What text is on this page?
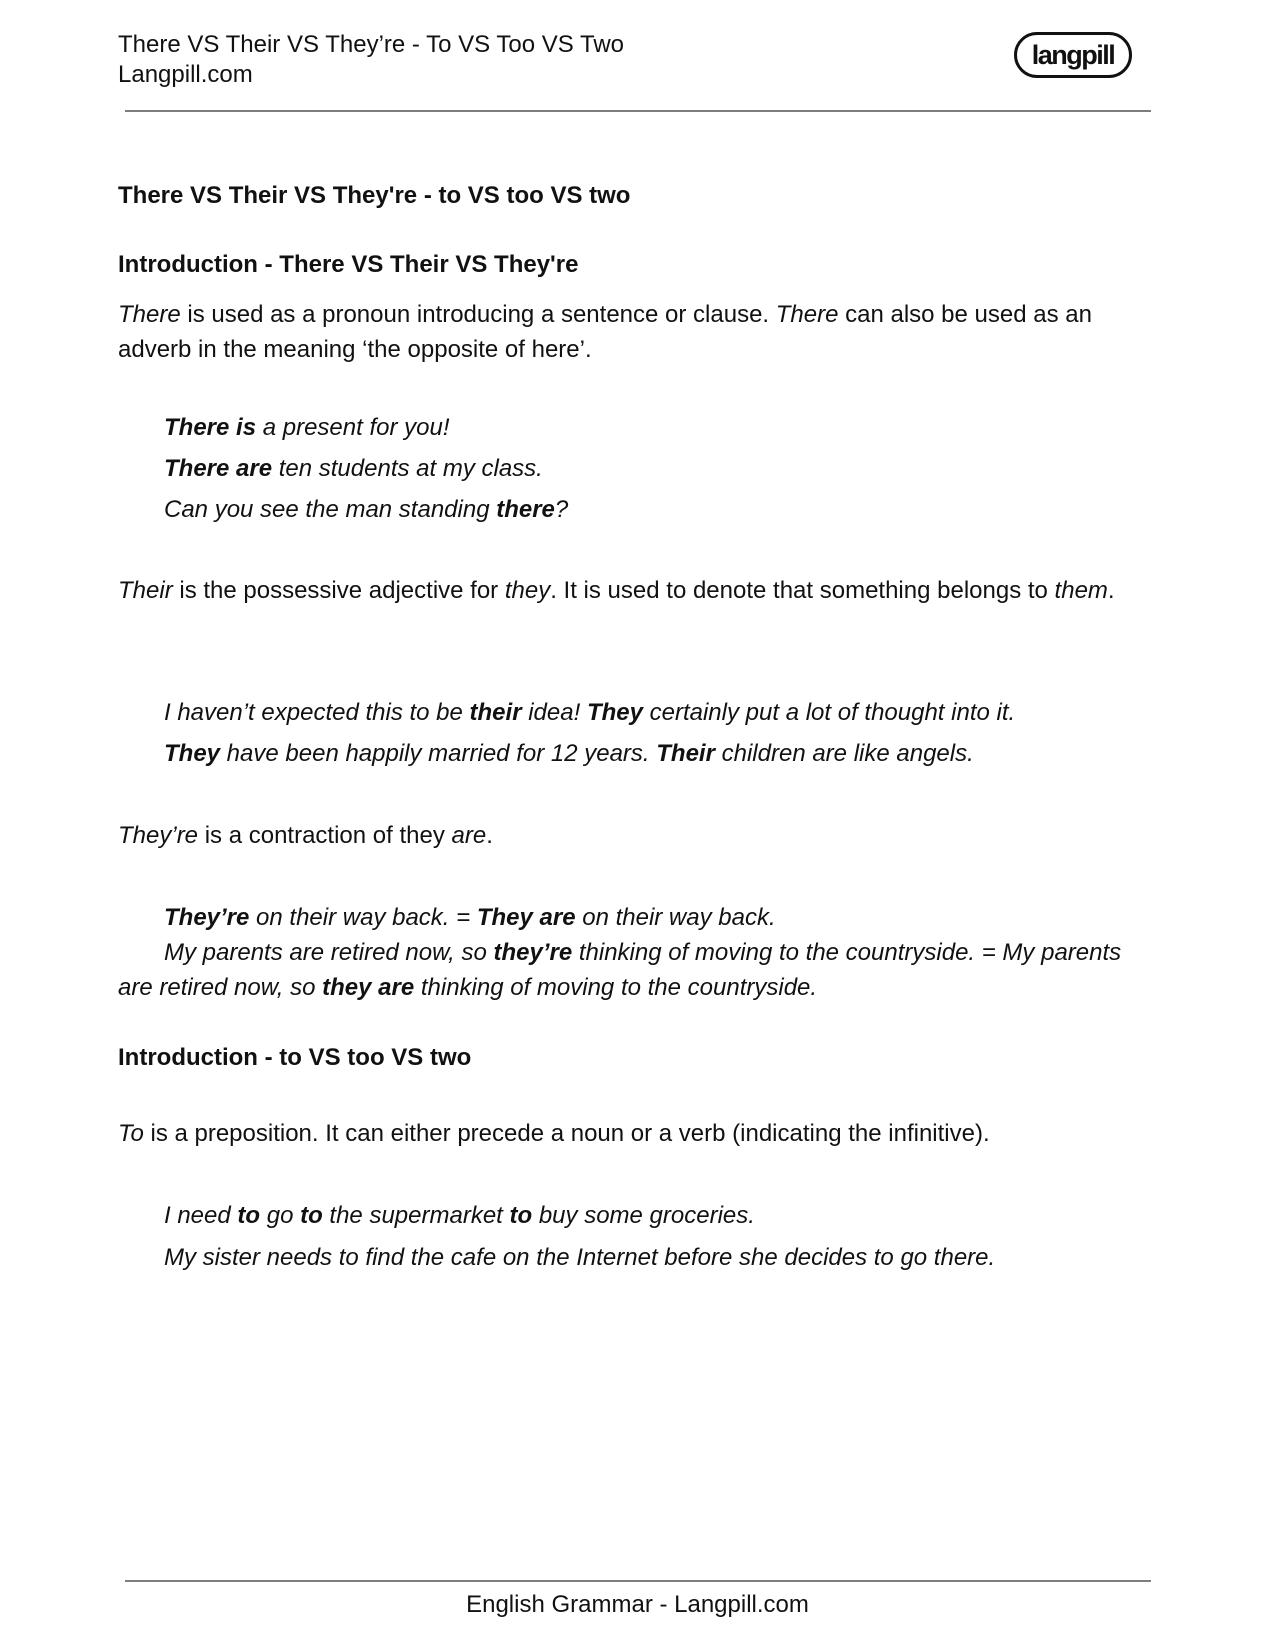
There VS Their VS They’re - To VS Too VS Two
Langpill.com
langpill
There VS Their VS They're - to VS too VS two
Introduction - There VS Their VS They're
There is used as a pronoun introducing a sentence or clause. There can also be used as an adverb in the meaning ‘the opposite of here’.
There is a present for you!
There are ten students at my class.
Can you see the man standing there?
Their is the possessive adjective for they. It is used to denote that something belongs to them.
I haven’t expected this to be their idea! They certainly put a lot of thought into it.
They have been happily married for 12 years. Their children are like angels.
They’re is a contraction of they are.
They’re on their way back. = They are on their way back.
My parents are retired now, so they’re thinking of moving to the countryside. = My parents are retired now, so they are thinking of moving to the countryside.
Introduction - to VS too VS two
To is a preposition. It can either precede a noun or a verb (indicating the infinitive).
I need to go to the supermarket to buy some groceries.
My sister needs to find the cafe on the Internet before she decides to go there.
English Grammar - Langpill.com
